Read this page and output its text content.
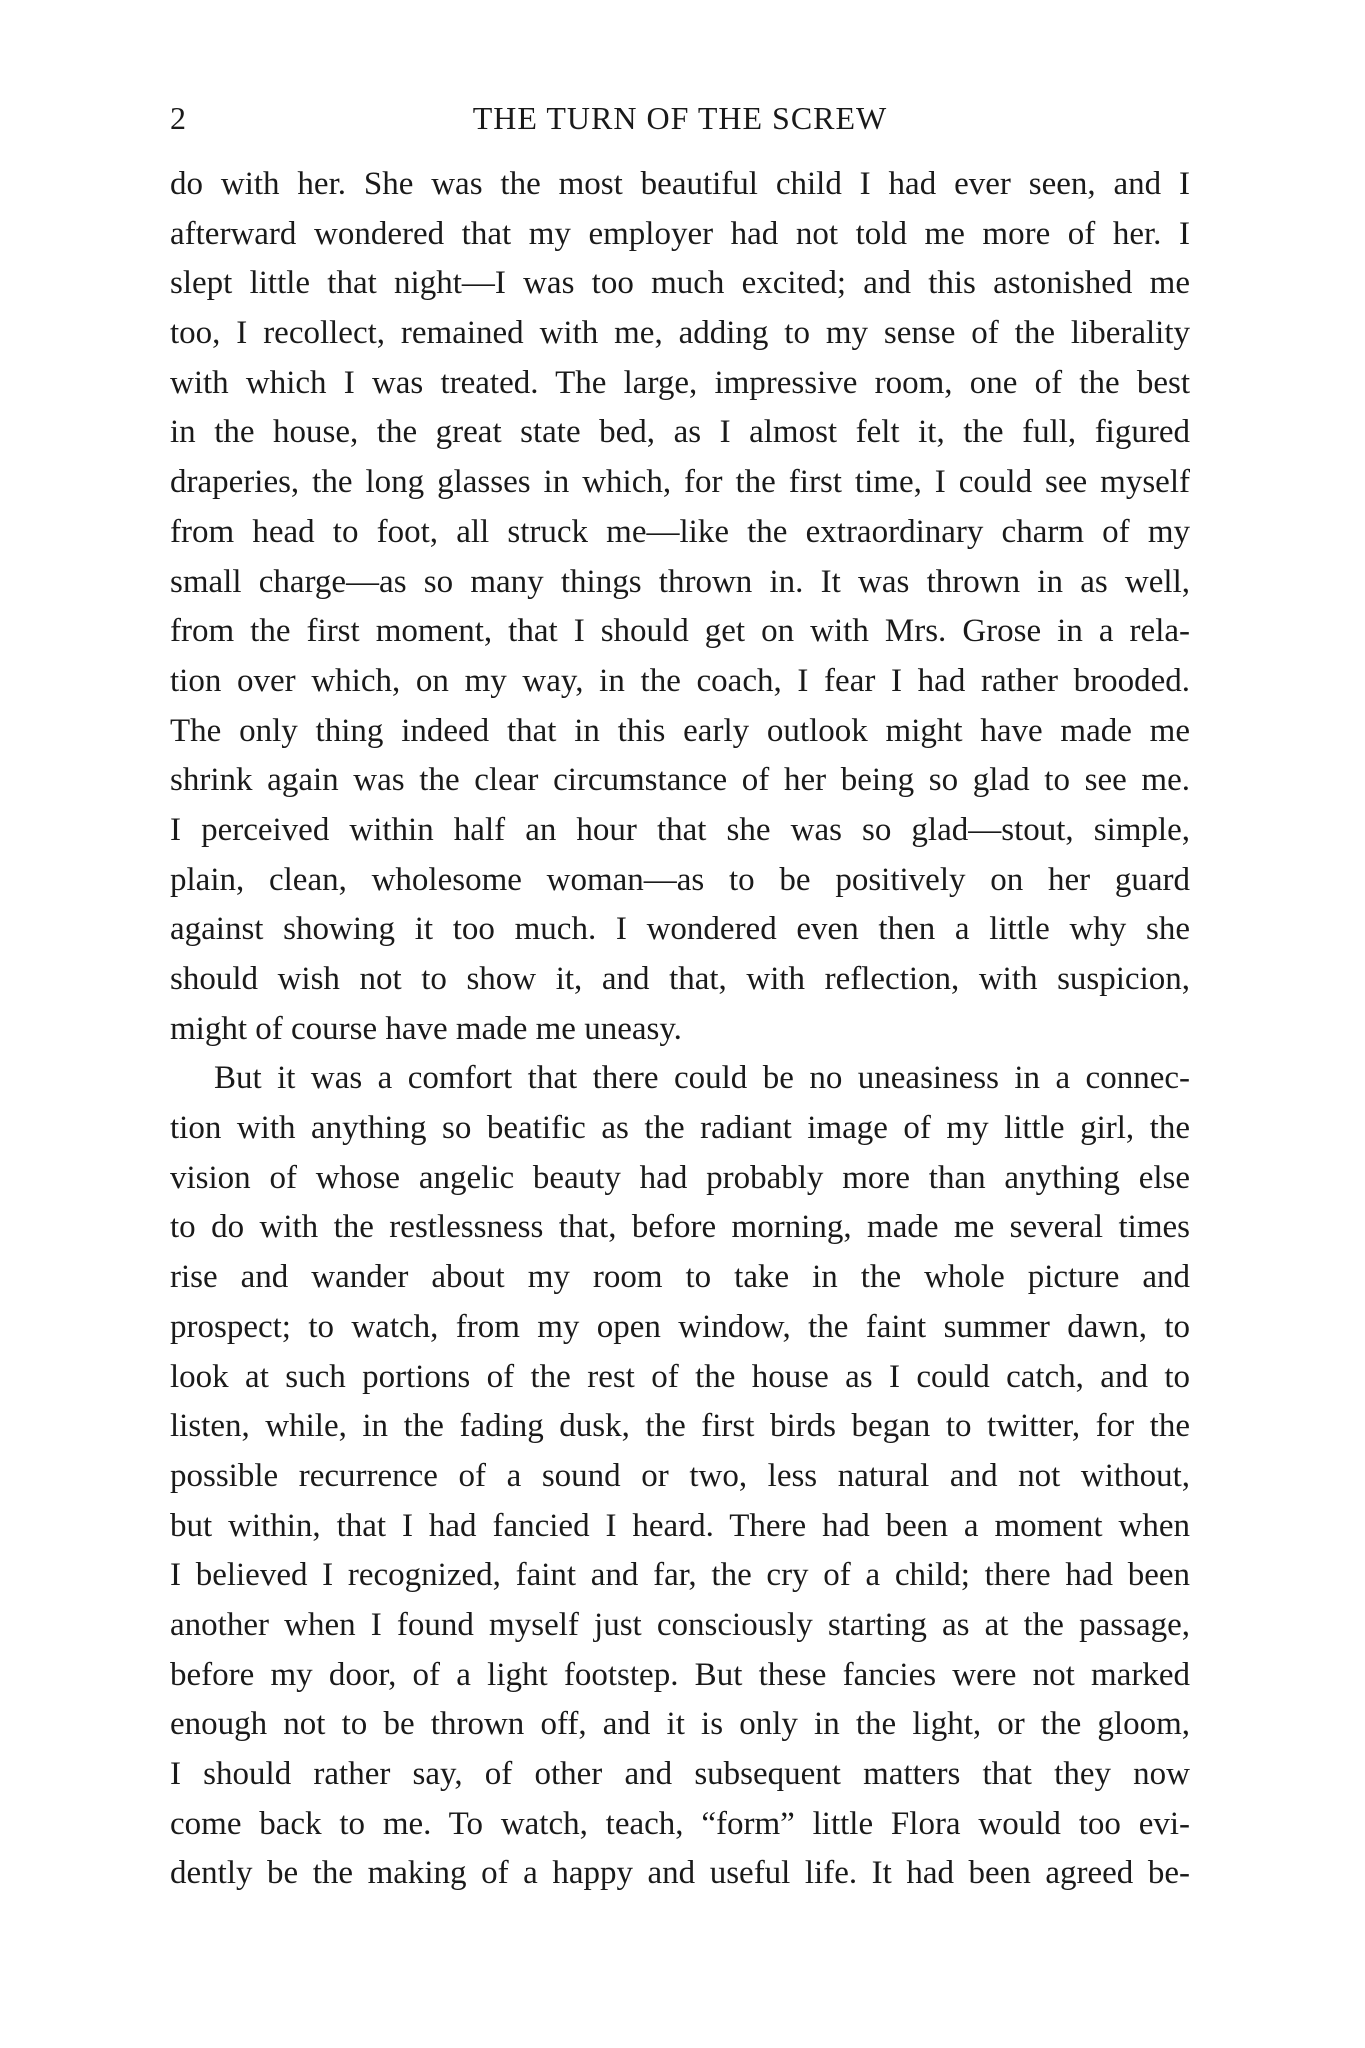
2	THE TURN OF THE SCREW
do with her. She was the most beautiful child I had ever seen, and I
afterward wondered that my employer had not told me more of her. I
slept little that night—I was too much excited; and this astonished me
too, I recollect, remained with me, adding to my sense of the liberality
with which I was treated. The large, impressive room, one of the best
in the house, the great state bed, as I almost felt it, the full, figured
draperies, the long glasses in which, for the first time, I could see myself
from head to foot, all struck me—like the extraordinary charm of my
small charge—as so many things thrown in. It was thrown in as well,
from the first moment, that I should get on with Mrs. Grose in a rela-
tion over which, on my way, in the coach, I fear I had rather brooded.
The only thing indeed that in this early outlook might have made me
shrink again was the clear circumstance of her being so glad to see me.
I perceived within half an hour that she was so glad—stout, simple,
plain, clean, wholesome woman—as to be positively on her guard
against showing it too much. I wondered even then a little why she
should wish not to show it, and that, with reflection, with suspicion,
might of course have made me uneasy.
But it was a comfort that there could be no uneasiness in a connec-
tion with anything so beatific as the radiant image of my little girl, the
vision of whose angelic beauty had probably more than anything else
to do with the restlessness that, before morning, made me several times
rise and wander about my room to take in the whole picture and
prospect; to watch, from my open window, the faint summer dawn, to
look at such portions of the rest of the house as I could catch, and to
listen, while, in the fading dusk, the first birds began to twitter, for the
possible recurrence of a sound or two, less natural and not without,
but within, that I had fancied I heard. There had been a moment when
I believed I recognized, faint and far, the cry of a child; there had been
another when I found myself just consciously starting as at the passage,
before my door, of a light footstep. But these fancies were not marked
enough not to be thrown off, and it is only in the light, or the gloom,
I should rather say, of other and subsequent matters that they now
come back to me. To watch, teach, “form” little Flora would too evi-
dently be the making of a happy and useful life. It had been agreed be-
